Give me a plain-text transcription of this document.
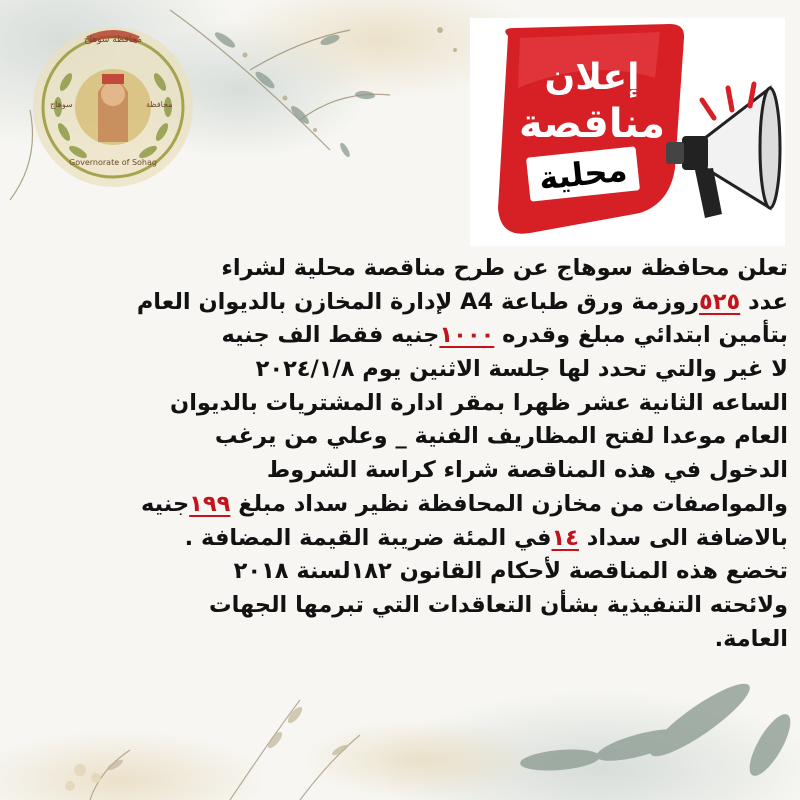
محافظة سوهاج
سوهاج	محافظة
Governorate of Sohag
إعلان
مناقصة
محلية
تعلن محافظة سوهاج عن طرح مناقصة محلية لشراء
عدد ٥٢٥روزمة ورق طباعة A4 لإدارة المخازن بالديوان العام
بتأمين ابتدائي مبلغ وقدره ١٠٠٠جنيه فقط الف جنيه
لا غير والتي تحدد لها جلسة الاثنين يوم ٢٠٢٤/١/٨
الساعه الثانية عشر ظهرا بمقر ادارة المشتريات بالديوان
العام موعدا لفتح المظاريف الفنية _ وعلي من يرغب
الدخول في هذه المناقصة شراء كراسة الشروط
والمواصفات من مخازن المحافظة نظير سداد مبلغ ١٩٩جنيه
بالاضافة الى سداد ١٤في المئة ضريبة القيمة المضافة .
تخضع هذه المناقصة لأحكام القانون ١٨٢لسنة ٢٠١٨
ولائحته التنفيذية بشأن التعاقدات التي تبرمها الجهات
العامة.
